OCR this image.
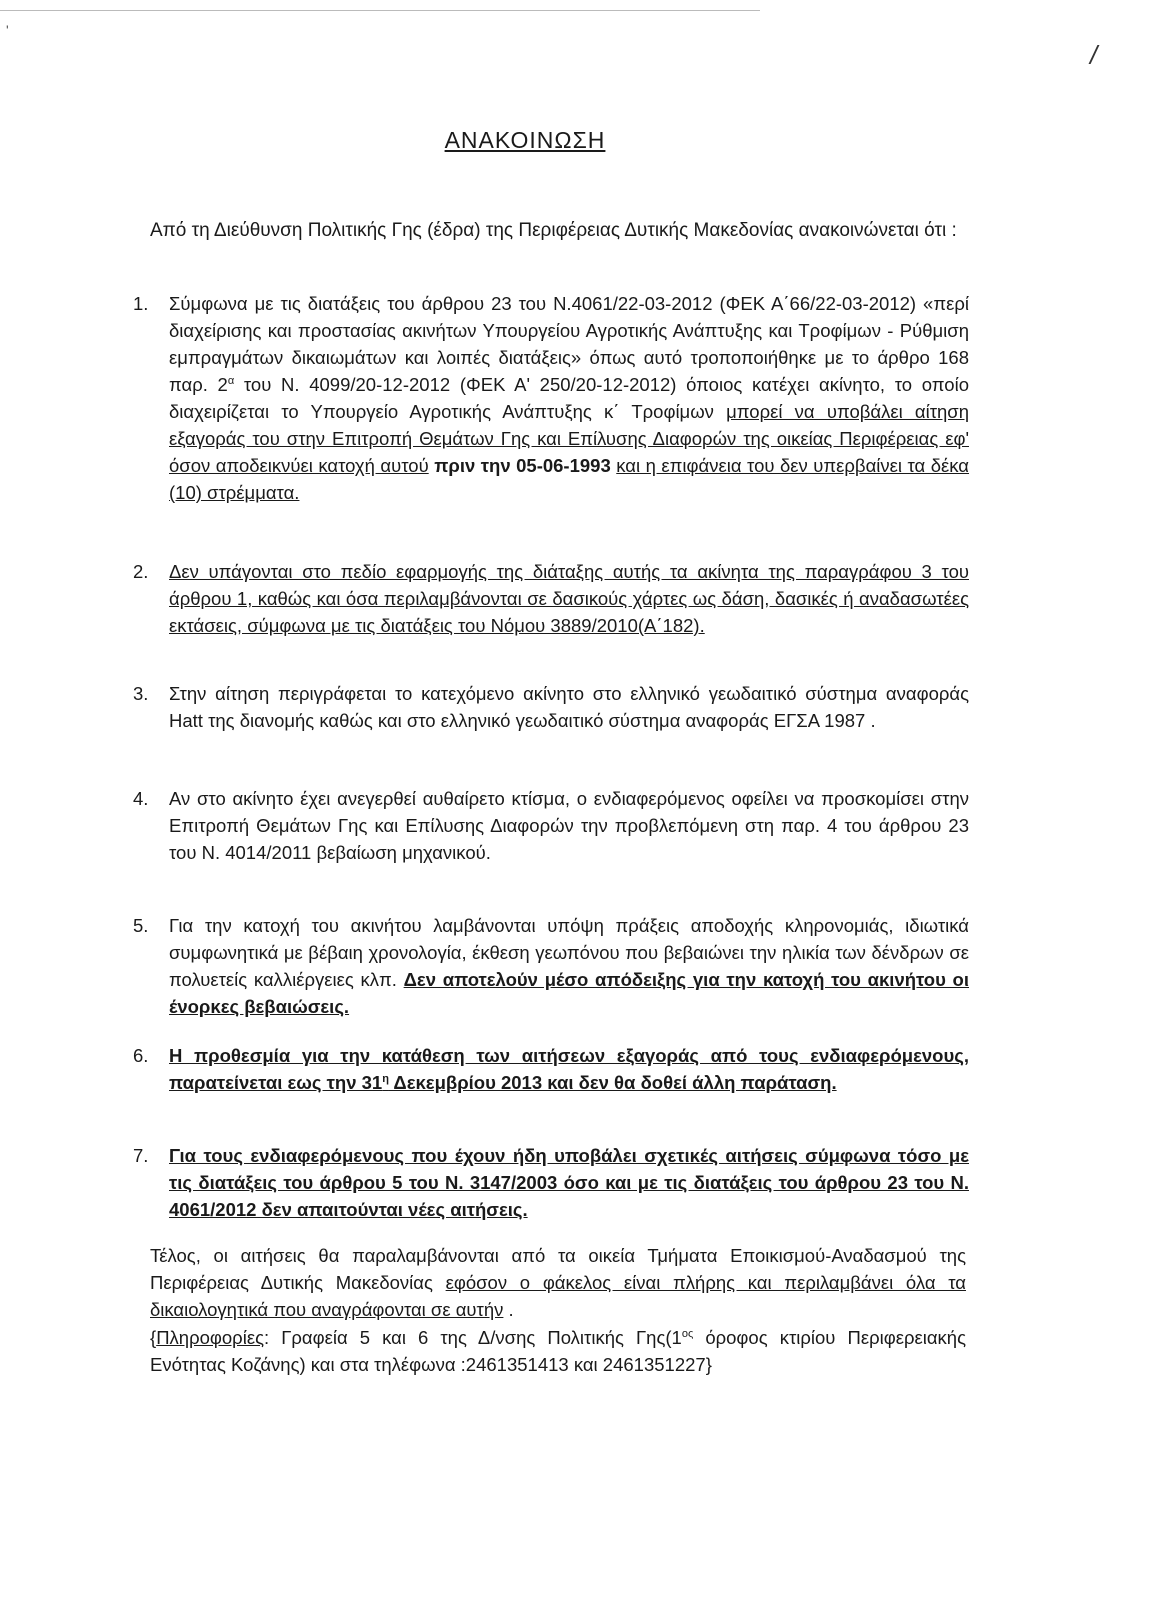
'
/
ΑΝΑΚΟΙΝΩΣΗ
Από τη Διεύθυνση Πολιτικής Γης (έδρα) της Περιφέρειας Δυτικής Μακεδονίας ανακοινώνεται ότι :
1.	Σύμφωνα με τις διατάξεις του άρθρου 23 του Ν.4061/22-03-2012 (ΦΕΚ Α΄66/22-03-2012) «περί διαχείρισης και προστασίας ακινήτων Υπουργείου Αγροτικής Ανάπτυξης και Τροφίμων - Ρύθμιση εμπραγμάτων δικαιωμάτων και λοιπές διατάξεις» όπως αυτό τροποποιήθηκε με το άρθρο 168 παρ. $2^\alpha$ του Ν. 4099/20-12-2012 (ΦΕΚ Α' 250/20-12-2012) όποιος κατέχει ακίνητο, το οποίο διαχειρίζεται το Υπουργείο Αγροτικής Ανάπτυξης κ΄ Τροφίμων μπορεί να υποβάλει αίτηση εξαγοράς του στην Επιτροπή Θεμάτων Γης και Επίλυσης Διαφορών της οικείας Περιφέρειας εφ' όσον αποδεικνύει κατοχή αυτού πριν την 05-06-1993 και η επιφάνεια του δεν υπερβαίνει τα δέκα (10) στρέμματα.
2.	Δεν υπάγονται στο πεδίο εφαρμογής της διάταξης αυτής τα ακίνητα της παραγράφου 3 του άρθρου 1, καθώς και όσα περιλαμβάνονται σε δασικούς χάρτες ως δάση, δασικές ή αναδασωτέες εκτάσεις, σύμφωνα με τις διατάξεις του Νόμου 3889/2010(Α΄182).
3.	Στην αίτηση περιγράφεται το κατεχόμενο ακίνητο στο ελληνικό γεωδαιτικό σύστημα αναφοράς Hatt της διανομής καθώς και στο ελληνικό γεωδαιτικό σύστημα αναφοράς ΕΓΣΑ 1987 .
4.	Αν στο ακίνητο έχει ανεγερθεί αυθαίρετο κτίσμα, ο ενδιαφερόμενος οφείλει να προσκομίσει στην Επιτροπή Θεμάτων Γης και Επίλυσης Διαφορών την προβλεπόμενη στη παρ. 4 του άρθρου 23 του Ν. 4014/2011 βεβαίωση μηχανικού.
5.	Για την κατοχή του ακινήτου λαμβάνονται υπόψη πράξεις αποδοχής κληρονομιάς, ιδιωτικά συμφωνητικά με βέβαιη χρονολογία, έκθεση γεωπόνου που βεβαιώνει την ηλικία των δένδρων σε πολυετείς καλλιέργειες κλπ. Δεν αποτελούν μέσο απόδειξης για την κατοχή του ακινήτου οι ένορκες βεβαιώσεις.
6.	Η προθεσμία για την κατάθεση των αιτήσεων εξαγοράς από τους ενδιαφερόμενους, παρατείνεται εως την $31^\eta$ Δεκεμβρίου 2013 και δεν θα δοθεί άλλη παράταση.
7.	Για τους ενδιαφερόμενους που έχουν ήδη υποβάλει σχετικές αιτήσεις σύμφωνα τόσο με τις διατάξεις του άρθρου 5 του Ν. 3147/2003 όσο και με τις διατάξεις του άρθρου 23 του Ν. 4061/2012 δεν απαιτούνται νέες αιτήσεις.
Τέλος, οι αιτήσεις θα παραλαμβάνονται από τα οικεία Τμήματα Εποικισμού-Αναδασμού της Περιφέρειας Δυτικής Μακεδονίας εφόσον ο φάκελος είναι πλήρης και περιλαμβάνει όλα τα δικαιολογητικά που αναγράφονται σε αυτήν .
{Πληροφορίες: Γραφεία 5 και 6 της Δ/νσης Πολιτικής $\Gamma\eta\varsigma(1^{o\varsigma}$ όροφος κτιρίου Περιφερειακής Ενότητας Κοζάνης) και στα τηλέφωνα :2461351413 και 2461351227}
